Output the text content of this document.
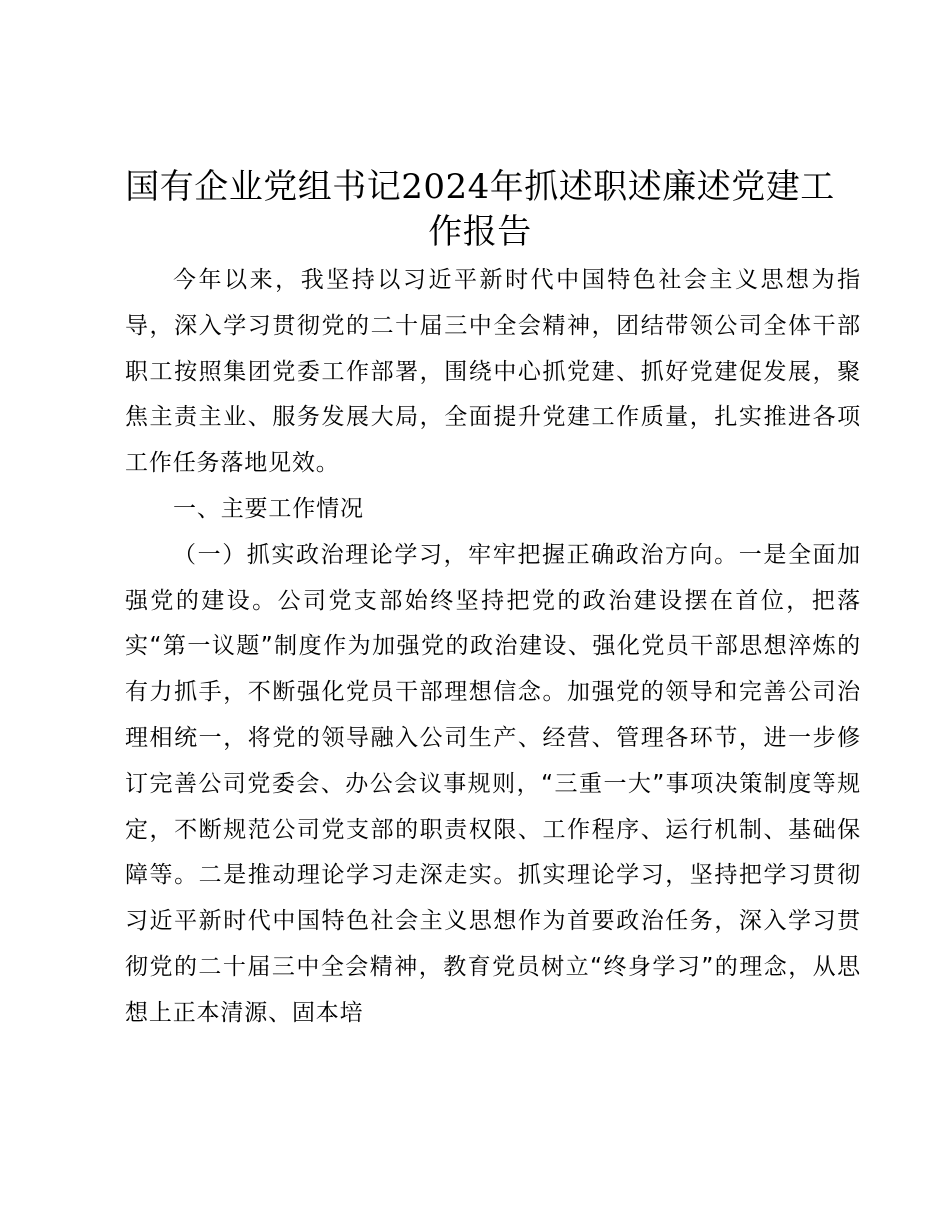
国有企业党组书记2024年抓述职述廉述党建工
作报告

今年以来，我坚持以习近平新时代中国特色社会主义思想为指导，深入学习贯彻党的二十届三中全会精神，团结带领公司全体干部职工按照集团党委工作部署，围绕中心抓党建、抓好党建促发展，聚焦主责主业、服务发展大局，全面提升党建工作质量，扎实推进各项工作任务落地见效。

一、主要工作情况

（一）抓实政治理论学习，牢牢把握正确政治方向。一是全面加强党的建设。公司党支部始终坚持把党的政治建设摆在首位，把落实“第一议题”制度作为加强党的政治建设、强化党员干部思想淬炼的有力抓手，不断强化党员干部理想信念。加强党的领导和完善公司治理相统一，将党的领导融入公司生产、经营、管理各环节，进一步修订完善公司党委会、办公会议事规则，“三重一大”事项决策制度等规定，不断规范公司党支部的职责权限、工作程序、运行机制、基础保障等。二是推动理论学习走深走实。抓实理论学习，坚持把学习贯彻习近平新时代中国特色社会主义思想作为首要政治任务，深入学习贯彻党的二十届三中全会精神，教育党员树立“终身学习”的理念，从思想上正本清源、固本培
